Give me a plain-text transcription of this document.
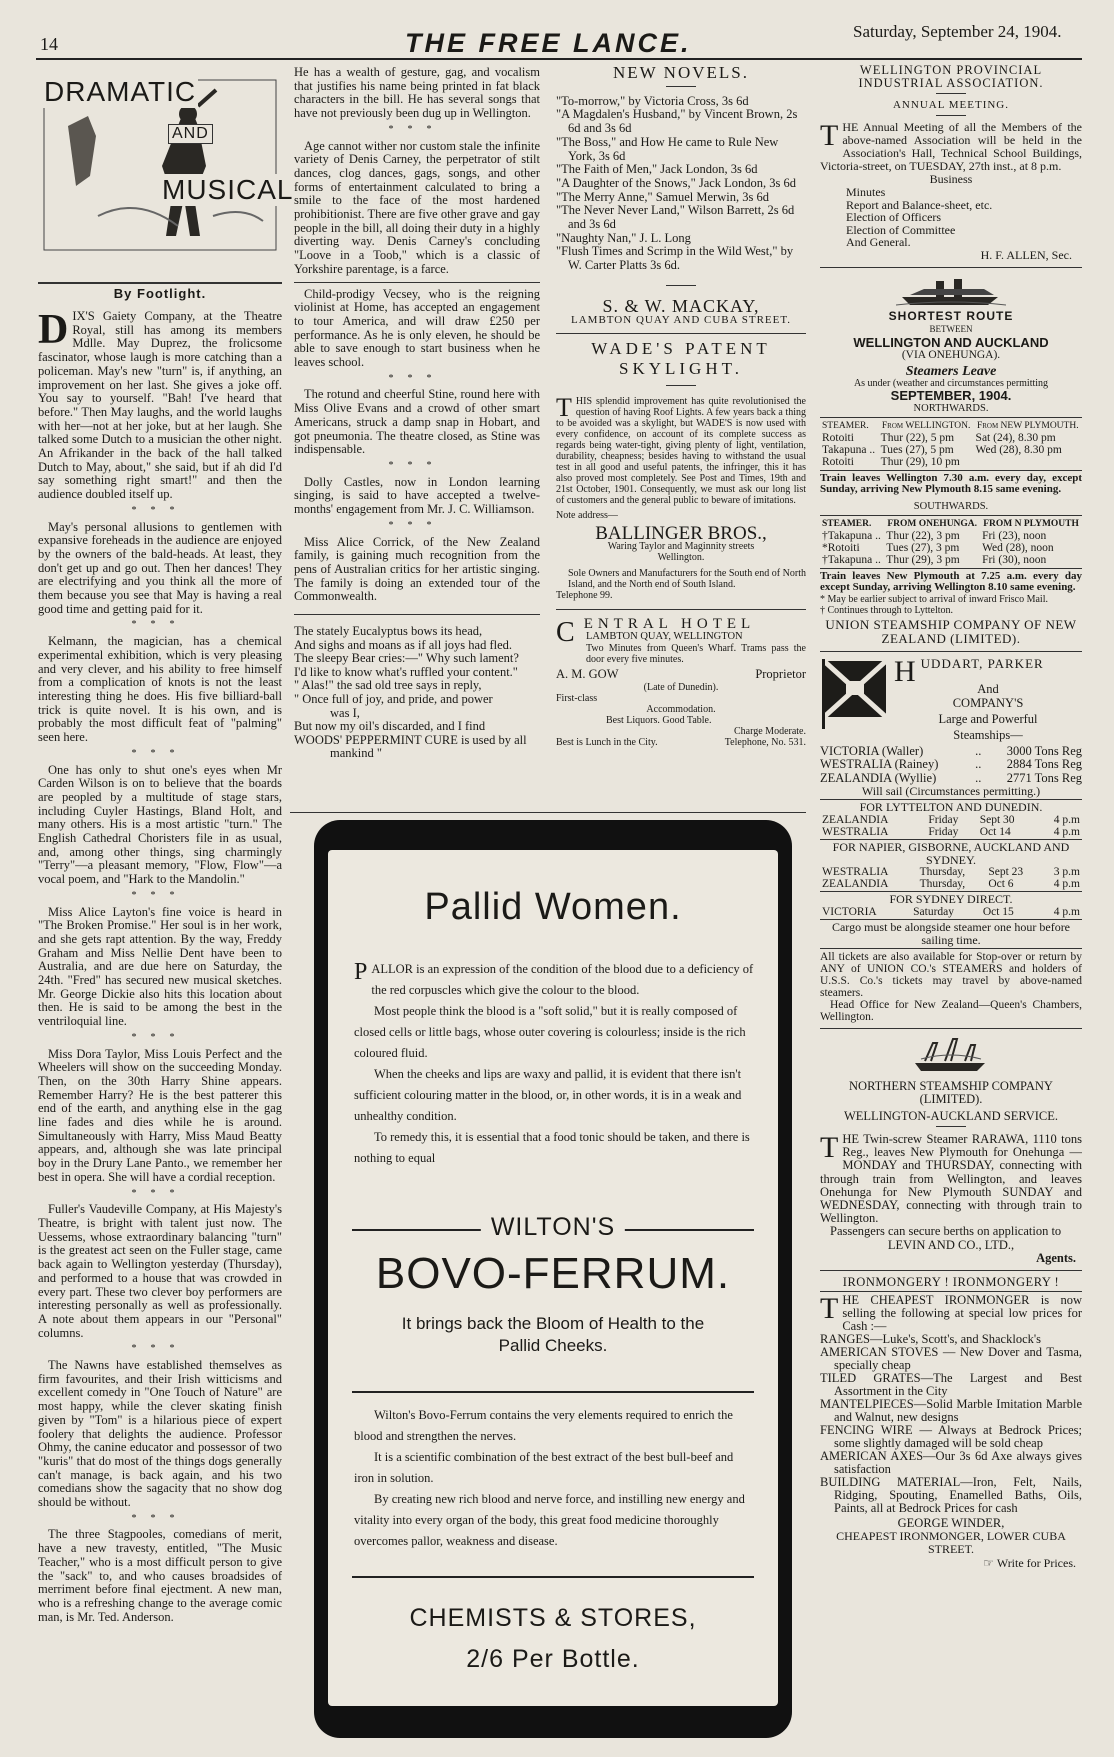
14	THE FREE LANCE.	Saturday, September 24, 1904.
DRAMATIC
AND
MUSICAL
By Footlight.

DIX'S Gaiety Company, at the Theatre Royal, still has among its members Mdlle. May Duprez, the frolicsome fascinator, whose laugh is more catching than a policeman. May's new "turn" is, if anything, an improvement on her last. She gives a joke off. You say to yourself. "Bah! I've heard that before." Then May laughs, and the world laughs with her—not at her joke, but at her laugh. She talked some Dutch to a musician the other night. An Afrikander in the back of the hall talked Dutch to May, about," she said, but if ah did I'd say something right smart!" and then the audience doubled itself up.

***

May's personal allusions to gentlemen with expansive foreheads in the audience are enjoyed by the owners of the bald-heads. At least, they don't get up and go out. Then her dances! They are electrifying and you think all the more of them because you see that May is having a real good time and getting paid for it.

***

Kelmann, the magician, has a chemical experimental exhibition, which is very pleasing and very clever, and his ability to free himself from a complication of knots is not the least interesting thing he does. His five billiard-ball trick is quite novel. It is his own, and is probably the most difficult feat of "palming" seen here.

***

One has only to shut one's eyes when Mr Carden Wilson is on to believe that the boards are peopled by a multitude of stage stars, including Cuyler Hastings, Bland Holt, and many others. His is a most artistic "turn." The English Cathedral Choristers file in as usual, and, among other things, sing charmingly "Terry"—a pleasant memory, "Flow, Flow"—a vocal poem, and "Hark to the Mandolin."

***

Miss Alice Layton's fine voice is heard in "The Broken Promise." Her soul is in her work, and she gets rapt attention. By the way, Freddy Graham and Miss Nellie Dent have been to Australia, and are due here on Saturday, the 24th. "Fred" has secured new musical sketches. Mr. George Dickie also hits this location about then. He is said to be among the best in the ventriloquial line.

***

Miss Dora Taylor, Miss Louis Perfect and the Wheelers will show on the succeeding Monday. Then, on the 30th Harry Shine appears. Remember Harry? He is the best patterer this end of the earth, and anything else in the gag line fades and dies while he is around. Simultaneously with Harry, Miss Maud Beatty appears, and, although she was late principal boy in the Drury Lane Panto., we remember her best in opera. She will have a cordial reception.

***

Fuller's Vaudeville Company, at His Majesty's Theatre, is bright with talent just now. The Uessems, whose extraordinary balancing "turn" is the greatest act seen on the Fuller stage, came back again to Wellington yesterday (Thursday), and performed to a house that was crowded in every part. These two clever boy performers are interesting personally as well as professionally. A note about them appears in our "Personal" columns.

***

The Nawns have established themselves as firm favourites, and their Irish witticisms and excellent comedy in "One Touch of Nature" are most happy, while the clever skating finish given by "Tom" is a hilarious piece of expert foolery that delights the audience. Professor Ohmy, the canine educator and possessor of two "kuris" that do most of the things dogs generally can't manage, is back again, and his two comedians show the sagacity that no show dog should be without.

***

The three Stagpooles, comedians of merit, have a new travesty, entitled, "The Music Teacher," who is a most difficult person to give the "sack" to, and who causes broadsides of merriment before final ejectment. A new man, who is a refreshing change to the average comic man, is Mr. Ted. Anderson.

He has a wealth of gesture, gag, and vocalism that justifies his name being printed in fat black characters in the bill. He has several songs that have not previously been dug up in Wellington.

***

Age cannot wither nor custom stale the infinite variety of Denis Carney, the perpetrator of stilt dances, clog dances, gags, songs, and other forms of entertainment calculated to bring a smile to the face of the most hardened prohibitionist. There are five other grave and gay people in the bill, all doing their duty in a highly diverting way. Denis Carney's concluding "Loove in a Toob," which is a classic of Yorkshire parentage, is a farce.

Child-prodigy Vecsey, who is the reigning violinist at Home, has accepted an engagement to tour America, and will draw £250 per performance. As he is only eleven, he should be able to save enough to start business when he leaves school.

***

The rotund and cheerful Stine, round here with Miss Olive Evans and a crowd of other smart Americans, struck a damp snap in Hobart, and got pneumonia. The theatre closed, as Stine was indispensable.

***

Dolly Castles, now in London learning singing, is said to have accepted a twelve-months' engagement from Mr. J. C. Williamson.

***

Miss Alice Corrick, of the New Zealand family, is gaining much recognition from the pens of Australian critics for her artistic singing. The family is doing an extended tour of the Commonwealth.

The stately Eucalyptus bows its head,
And sighs and moans as if all joys had fled.
The sleepy Bear cries:—" Why such lament?
I'd like to know what's ruffled your content."
" Alas!" the sad old tree says in reply,
" Once full of joy, and pride, and power
was I,
But now my oil's discarded, and I find
WOODS' PEPPERMINT CURE is used by all
mankind "
NEW NOVELS.
"To-morrow," by Victoria Cross, 3s 6d
"A Magdalen's Husband," by Vincent Brown, 2s 6d and 3s 6d
"The Boss," and How He came to Rule New York, 3s 6d
"The Faith of Men," Jack London, 3s 6d
"A Daughter of the Snows," Jack London, 3s 6d
"The Merry Anne," Samuel Merwin, 3s 6d
"The Never Never Land," Wilson Barrett, 2s 6d and 3s 6d
"Naughty Nan," J. L. Long
"Flush Times and Scrimp in the Wild West," by W. Carter Platts 3s 6d.
S. & W. MACKAY,
LAMBTON QUAY AND CUBA STREET.
WADE'S PATENT SKYLIGHT.
THIS splendid improvement has quite revolutionised the question of having Roof Lights. A few years back a thing to be avoided was a skylight, but WADE'S is now used with every confidence, on account of its complete success as regards being water-tight, giving plenty of light, ventilation, durability, cheapness; besides having to withstand the usual test in all good and useful patents, the infringer, this it has also proved most completely. See Post and Times, 19th and 21st October, 1901. Consequently, we must ask our long list of customers and the general public to beware of imitations.
Note address—
BALLINGER BROS.,
Waring Taylor and Maginnity streets
Wellington.
Sole Owners and Manufacturers for the South end of North Island, and the North end of South Island.
Telephone 99.
CENTRAL HOTEL
LAMBTON QUAY, WELLINGTON
Two Minutes from Queen's Wharf. Trams pass the door every five minutes.
A. M. GOW	Proprietor
(Late of Dunedin).
First-class
Accommodation.
Best Liquors. Good Table.
Charge Moderate.
Best is Lunch in the City.	Telephone, No. 531.
Pallid Women.

PALLOR is an expression of the condition of the blood due to a deficiency of the red corpuscles which give the colour to the blood.

Most people think the blood is a "soft solid," but it is really composed of closed cells or little bags, whose outer covering is colourless; inside is the rich coloured fluid.

When the cheeks and lips are waxy and pallid, it is evident that there isn't sufficient colouring matter in the blood, or, in other words, it is in a weak and unhealthy condition.

To remedy this, it is essential that a food tonic should be taken, and there is nothing to equal

WILTON'S
BOVO-FERRUM.
It brings back the Bloom of Health to the Pallid Cheeks.

Wilton's Bovo-Ferrum contains the very elements required to enrich the blood and strengthen the nerves.

It is a scientific combination of the best extract of the best bull-beef and iron in solution.

By creating new rich blood and nerve force, and instilling new energy and vitality into every organ of the body, this great food medicine thoroughly overcomes pallor, weakness and disease.

CHEMISTS & STORES,
2/6 Per Bottle.
WELLINGTON PROVINCIAL INDUSTRIAL ASSOCIATION.
ANNUAL MEETING.
THE Annual Meeting of all the Members of the above-named Association will be held in the Association's Hall, Technical School Buildings, Victoria-street, on TUESDAY, 27th inst., at 8 p.m.
Business
Minutes
Report and Balance-sheet, etc.
Election of Officers
Election of Committee
And General.
H. F. ALLEN, Sec.
SHORTEST ROUTE
BETWEEN
WELLINGTON AND AUCKLAND
(VIA ONEHUNGA).
Steamers Leave
As under (weather and circumstances permitting
SEPTEMBER, 1904.
NORTHWARDS.
STEAMER.	From WELLINGTON.	From NEW PLYMOUTH.
Rotoiti	Thur (22), 5 pm	Sat (24), 8.30 pm
Takapuna ..	Tues (27), 5 pm	Wed (28), 8.30 pm
Rotoiti	Thur (29), 10 pm	
Train leaves Wellington 7.30 a.m. every day, except Sunday, arriving New Plymouth 8.15 same evening.
SOUTHWARDS.
STEAMER.	FROM ONEHUNGA.	FROM N PLYMOUTH
†Takapuna ..	Thur (22), 3 pm	Fri (23), noon
*Rotoiti	Tues (27), 3 pm	Wed (28), noon
†Takapuna ..	Thur (29), 3 pm	Fri (30), noon
Train leaves New Plymouth at 7.25 a.m. every day except Sunday, arriving Wellington 8.10 same evening.
* May be earlier subject to arrival of inward Frisco Mail.
† Continues through to Lyttelton.
UNION STEAMSHIP COMPANY OF NEW ZEALAND (LIMITED).
HUDDART, PARKER
And
COMPANY'S
Large and Powerful
Steamships—
VICTORIA (Waller)	..	3000 Tons Reg
WESTRALIA (Rainey)	..	2884 Tons Reg
ZEALANDIA (Wyllie)	..	2771 Tons Reg
Will sail (Circumstances permitting.)
FOR LYTTELTON AND DUNEDIN.
ZEALANDIA	Friday	Sept 30	4 p.m
WESTRALIA	Friday	Oct 14	4 p.m
FOR NAPIER, GISBORNE, AUCKLAND AND SYDNEY.
WESTRALIA	Thursday,	Sept 23	3 p.m
ZEALANDIA	Thursday,	Oct 6	4 p.m
FOR SYDNEY DIRECT.
VICTORIA	Saturday	Oct 15	4 p.m
Cargo must be alongside steamer one hour before sailing time.
All tickets are also available for Stop-over or return by ANY of UNION CO.'s STEAMERS and holders of U.S.S. Co.'s tickets may travel by above-named steamers.
Head Office for New Zealand—Queen's Chambers, Wellington.
NORTHERN STEAMSHIP COMPANY (LIMITED).
WELLINGTON-AUCKLAND SERVICE.
THE Twin-screw Steamer RARAWA, 1110 tons Reg., leaves New Plymouth for Onehunga —MONDAY and THURSDAY, connecting with through train from Wellington, and leaves Onehunga for New Plymouth SUNDAY and WEDNESDAY, connecting with through train to Wellington.
Passengers can secure berths on application to
LEVIN AND CO., LTD.,
Agents.
IRONMONGERY ! IRONMONGERY !
THE CHEAPEST IRONMONGER is now selling the following at special low prices for Cash :—
RANGES—Luke's, Scott's, and Shacklock's
AMERICAN STOVES — New Dover and Tasma, specially cheap
TILED GRATES—The Largest and Best Assortment in the City
MANTELPIECES—Solid Marble Imitation Marble and Walnut, new designs
FENCING WIRE — Always at Bedrock Prices; some slightly damaged will be sold cheap
AMERICAN AXES—Our 3s 6d Axe always gives satisfaction
BUILDING MATERIAL—Iron, Felt, Nails, Ridging, Spouting, Enamelled Baths, Oils, Paints, all at Bedrock Prices for cash
GEORGE WINDER,
CHEAPEST IRONMONGER, LOWER CUBA STREET.
☞ Write for Prices.
